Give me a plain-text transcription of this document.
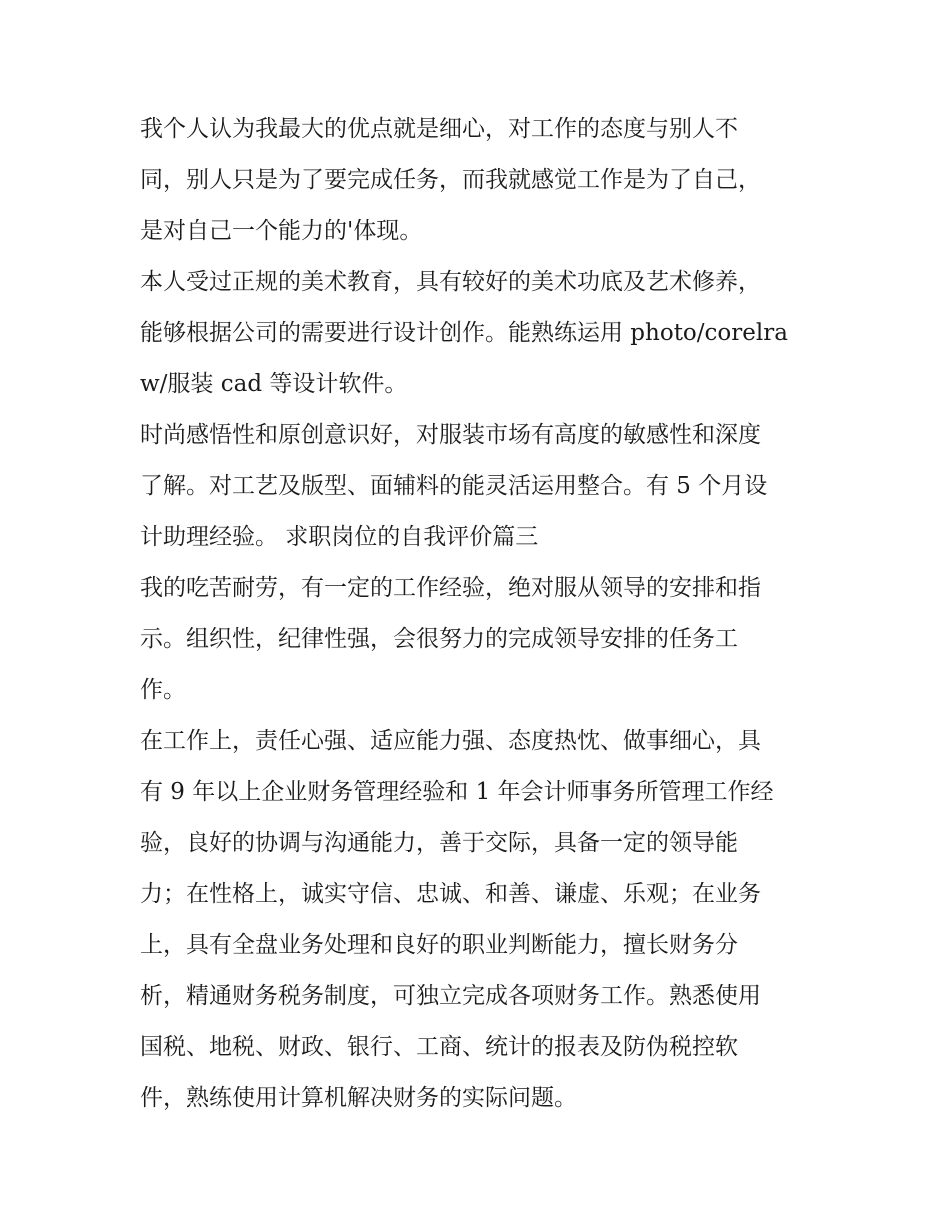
我个人认为我最大的优点就是细心，对工作的态度与别人不
同，别人只是为了要完成任务，而我就感觉工作是为了自己，
是对自己一个能力的'体现。
本人受过正规的美术教育，具有较好的美术功底及艺术修养，
能够根据公司的需要进行设计创作。能熟练运用 photo/corelra
w/服装 cad 等设计软件。
时尚感悟性和原创意识好，对服装市场有高度的敏感性和深度
了解。对工艺及版型、面辅料的能灵活运用整合。有 5 个月设
计助理经验。 求职岗位的自我评价篇三
我的吃苦耐劳，有一定的工作经验，绝对服从领导的安排和指
示。组织性，纪律性强，会很努力的完成领导安排的任务工
作。
在工作上，责任心强、适应能力强、态度热忱、做事细心，具
有 9 年以上企业财务管理经验和 1 年会计师事务所管理工作经
验，良好的协调与沟通能力，善于交际，具备一定的领导能
力；在性格上，诚实守信、忠诚、和善、谦虚、乐观；在业务
上，具有全盘业务处理和良好的职业判断能力，擅长财务分
析，精通财务税务制度，可独立完成各项财务工作。熟悉使用
国税、地税、财政、银行、工商、统计的报表及防伪税控软
件，熟练使用计算机解决财务的实际问题。
